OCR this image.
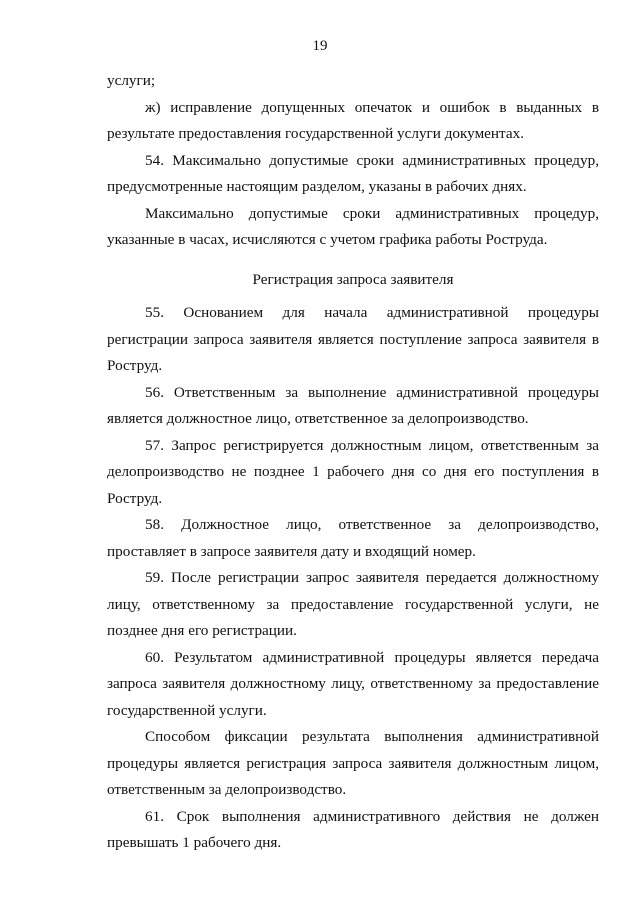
19

услуги;

ж) исправление допущенных опечаток и ошибок в выданных в результате предоставления государственной услуги документах.

54. Максимально допустимые сроки административных процедур, предусмотренные настоящим разделом, указаны в рабочих днях.

Максимально допустимые сроки административных процедур, указанные в часах, исчисляются с учетом графика работы Роструда.

Регистрация запроса заявителя

55. Основанием для начала административной процедуры регистрации запроса заявителя является поступление запроса заявителя в Роструд.

56. Ответственным за выполнение административной процедуры является должностное лицо, ответственное за делопроизводство.

57. Запрос регистрируется должностным лицом, ответственным за делопроизводство не позднее 1 рабочего дня со дня его поступления в Роструд.

58. Должностное лицо, ответственное за делопроизводство, проставляет в запросе заявителя дату и входящий номер.

59. После регистрации запрос заявителя передается должностному лицу, ответственному за предоставление государственной услуги, не позднее дня его регистрации.

60. Результатом административной процедуры является передача запроса заявителя должностному лицу, ответственному за предоставление государственной услуги.

Способом фиксации результата выполнения административной процедуры является регистрация запроса заявителя должностным лицом, ответственным за делопроизводство.

61. Срок выполнения административного действия не должен превышать 1 рабочего дня.
